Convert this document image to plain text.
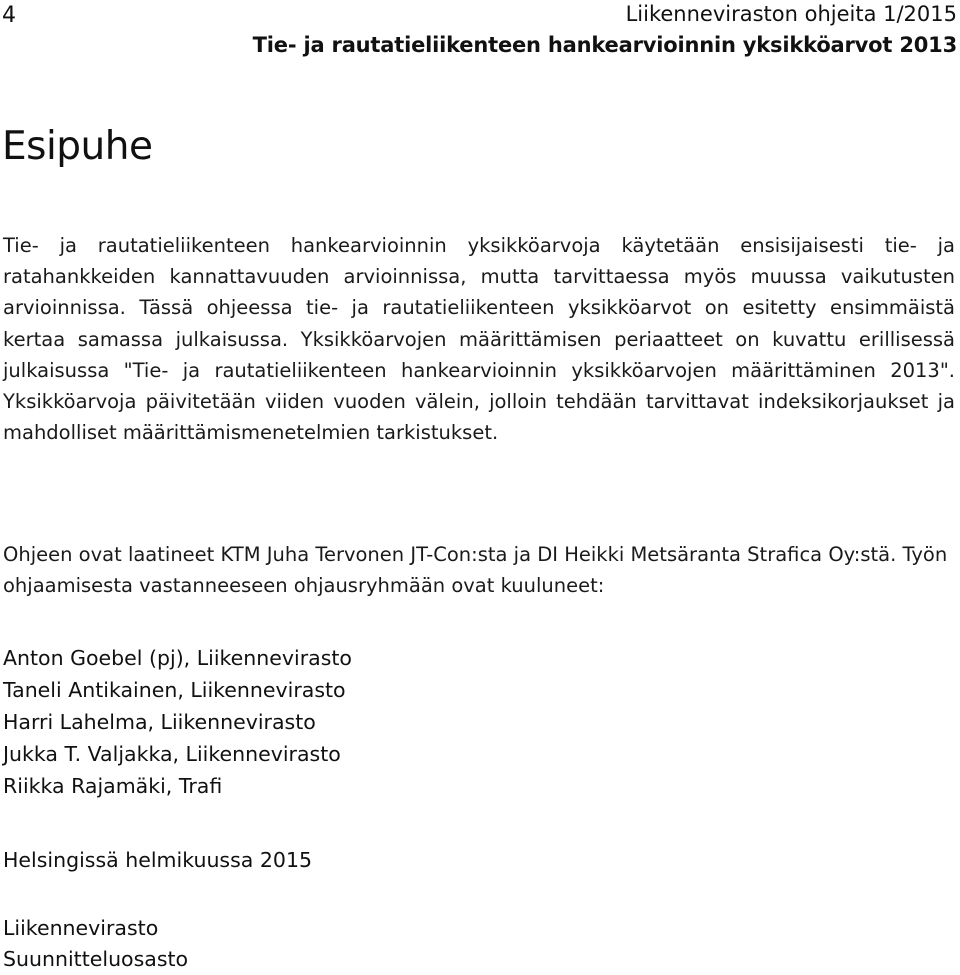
4	Liikenneviraston ohjeita 1/2015
Tie- ja rautatieliikenteen hankearvioinnin yksikköarvot 2013
Esipuhe

Tie- ja rautatieliikenteen hankearvioinnin yksikköarvoja käytetään ensisijaisesti tie- ja ratahankkeiden kannattavuuden arvioinnissa, mutta tarvittaessa myös muussa vaikutusten arvioinnissa. Tässä ohjeessa tie- ja rautatieliikenteen yksikköarvot on esitetty ensimmäistä kertaa samassa julkaisussa. Yksikköarvojen määrittämisen periaatteet on kuvattu erillisessä julkaisussa "Tie- ja rautatieliikenteen hankearvioinnin yksikköarvojen määrittäminen 2013". Yksikköarvoja päivitetään viiden vuoden välein, jolloin tehdään tarvittavat indeksikorjaukset ja mahdolliset määrittämismenetelmien tarkistukset.

Ohjeen ovat laatineet KTM Juha Tervonen JT-Con:sta ja DI Heikki Metsäranta Strafica Oy:stä. Työn ohjaamisesta vastanneeseen ohjausryhmään ovat kuuluneet:

Anton Goebel (pj), Liikennevirasto
Taneli Antikainen, Liikennevirasto
Harri Lahelma, Liikennevirasto
Jukka T. Valjakka, Liikennevirasto
Riikka Rajamäki, Trafi
Helsingissä helmikuussa 2015
Liikennevirasto
Suunnitteluosasto
